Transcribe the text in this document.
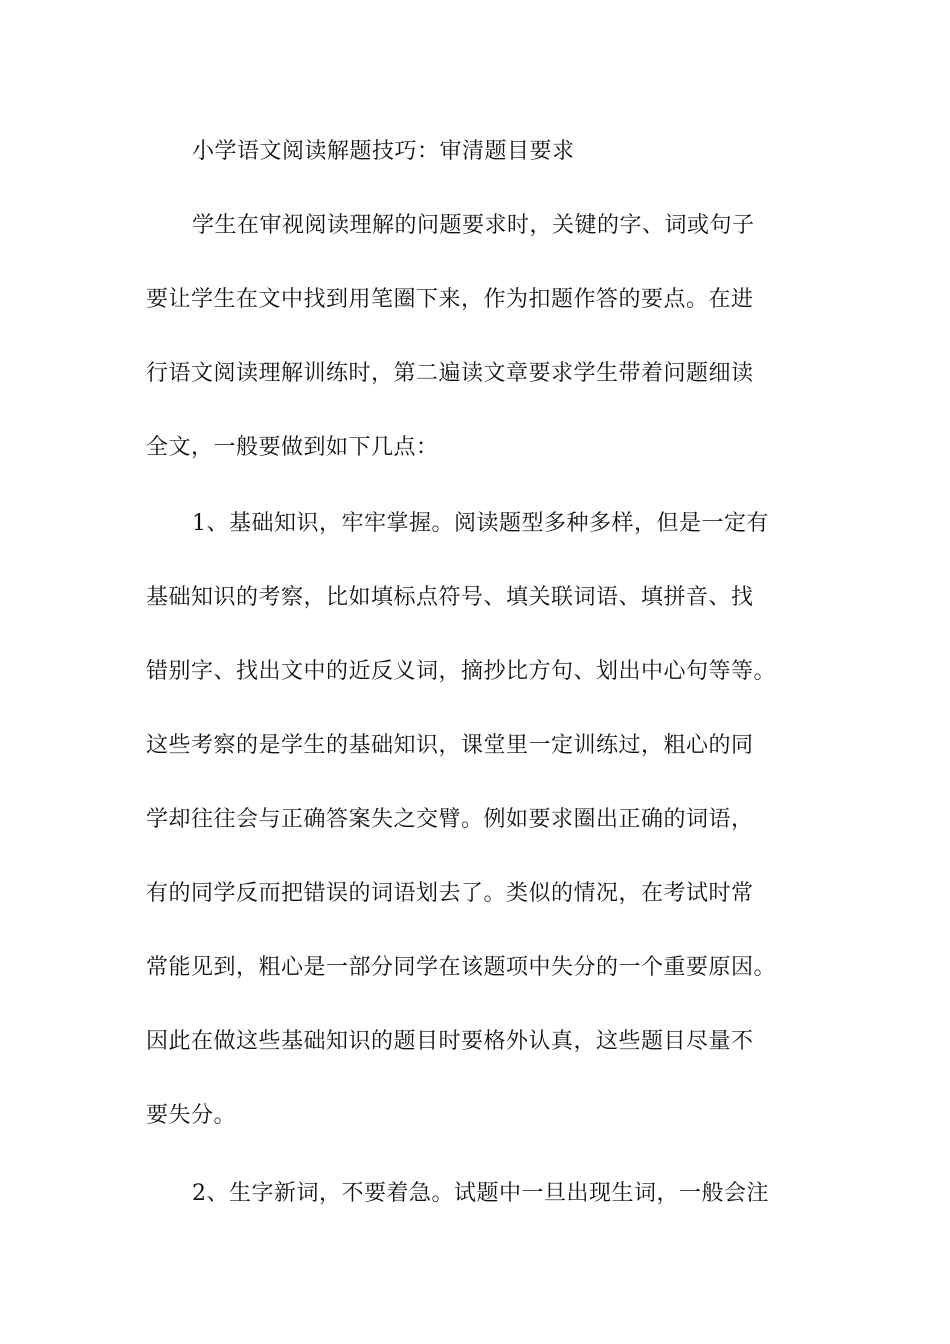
小学语文阅读解题技巧：审清题目要求
学生在审视阅读理解的问题要求时，关键的字、词或句子
要让学生在文中找到用笔圈下来，作为扣题作答的要点。在进
行语文阅读理解训练时，第二遍读文章要求学生带着问题细读
全文，一般要做到如下几点：
1、基础知识，牢牢掌握。阅读题型多种多样，但是一定有
基础知识的考察，比如填标点符号、填关联词语、填拼音、找
错别字、找出文中的近反义词，摘抄比方句、划出中心句等等。
这些考察的是学生的基础知识，课堂里一定训练过，粗心的同
学却往往会与正确答案失之交臂。例如要求圈出正确的词语，
有的同学反而把错误的词语划去了。类似的情况，在考试时常
常能见到，粗心是一部分同学在该题项中失分的一个重要原因。
因此在做这些基础知识的题目时要格外认真，这些题目尽量不
要失分。
2、生字新词，不要着急。试题中一旦出现生词，一般会注
